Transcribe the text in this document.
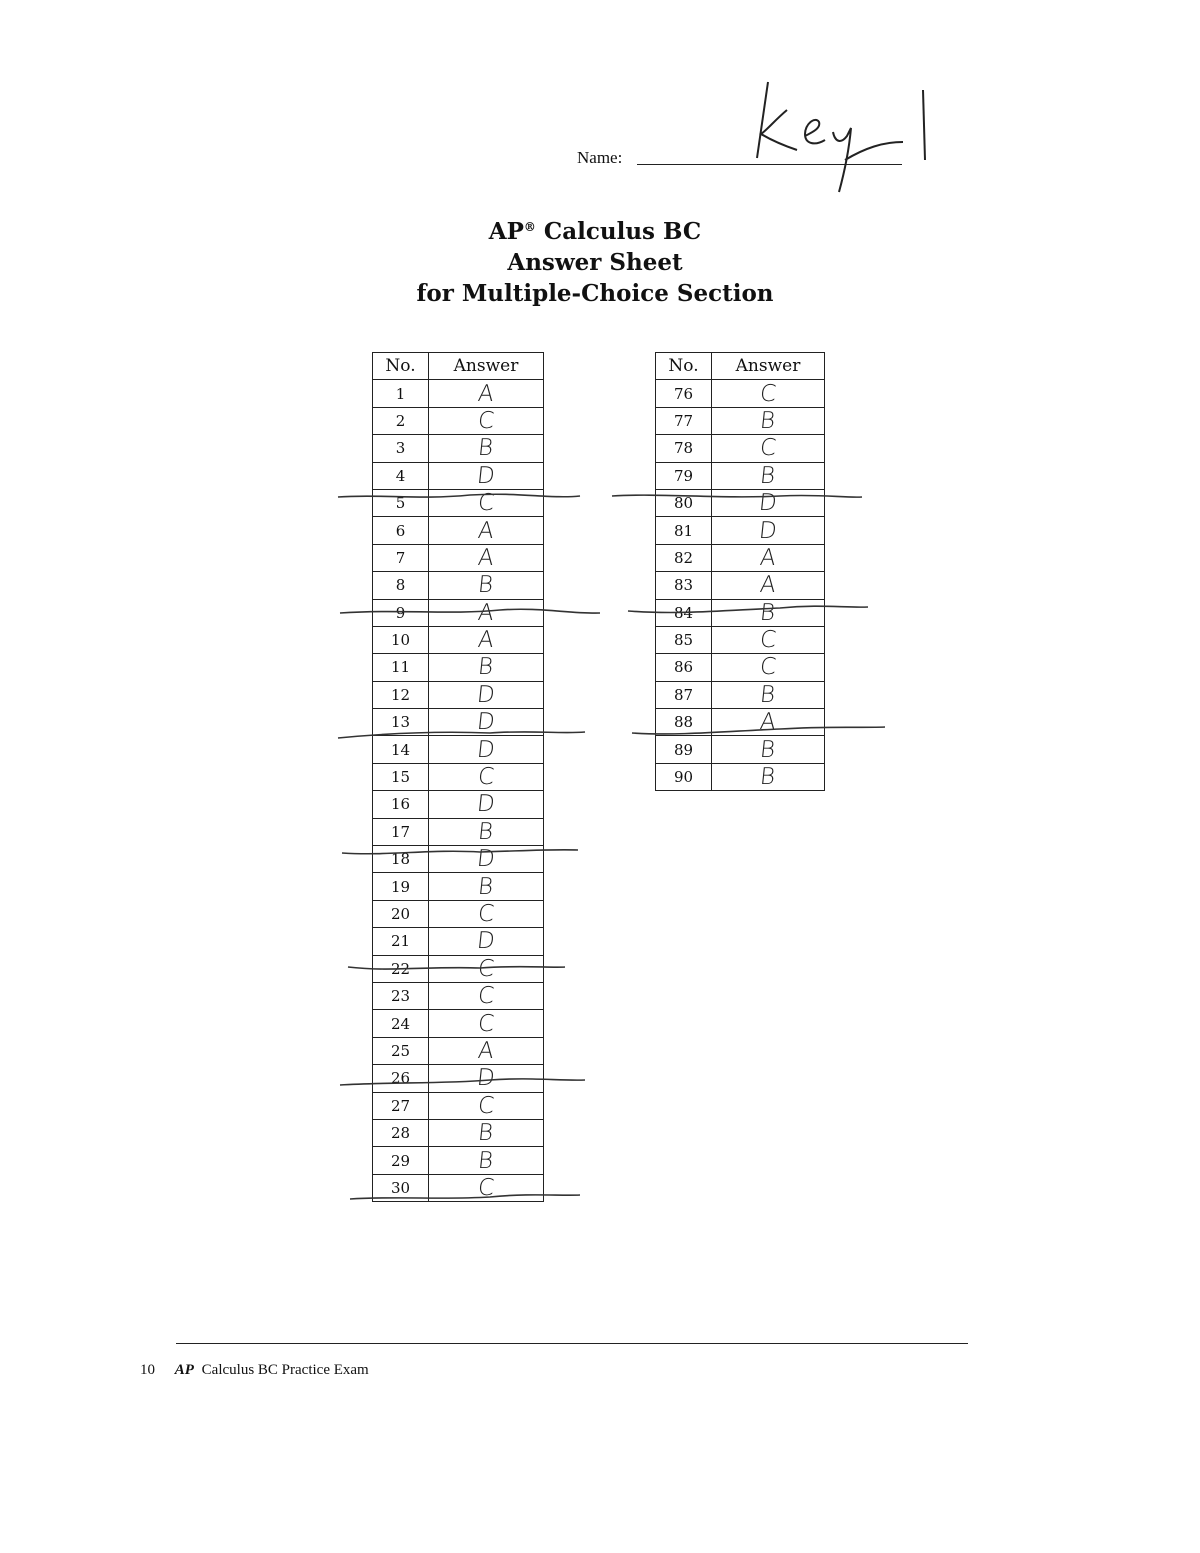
Name:
AP® Calculus BC
Answer Sheet
for Multiple-Choice Section
No.	Answer
1	A
2	C
3	B
4	D
5	C
6	A
7	A
8	B
9	A
10	A
11	B
12	D
13	D
14	D
15	C
16	D
17	B
18	D
19	B
20	C
21	D
22	C
23	C
24	C
25	A
26	D
27	C
28	B
29	B
30	C
No.	Answer
76	C
77	B
78	C
79	B
80	D
81	D
82	A
83	A
84	B
85	C
86	C
87	B
88	A
89	B
90	B
10 AP Calculus BC Practice Exam
